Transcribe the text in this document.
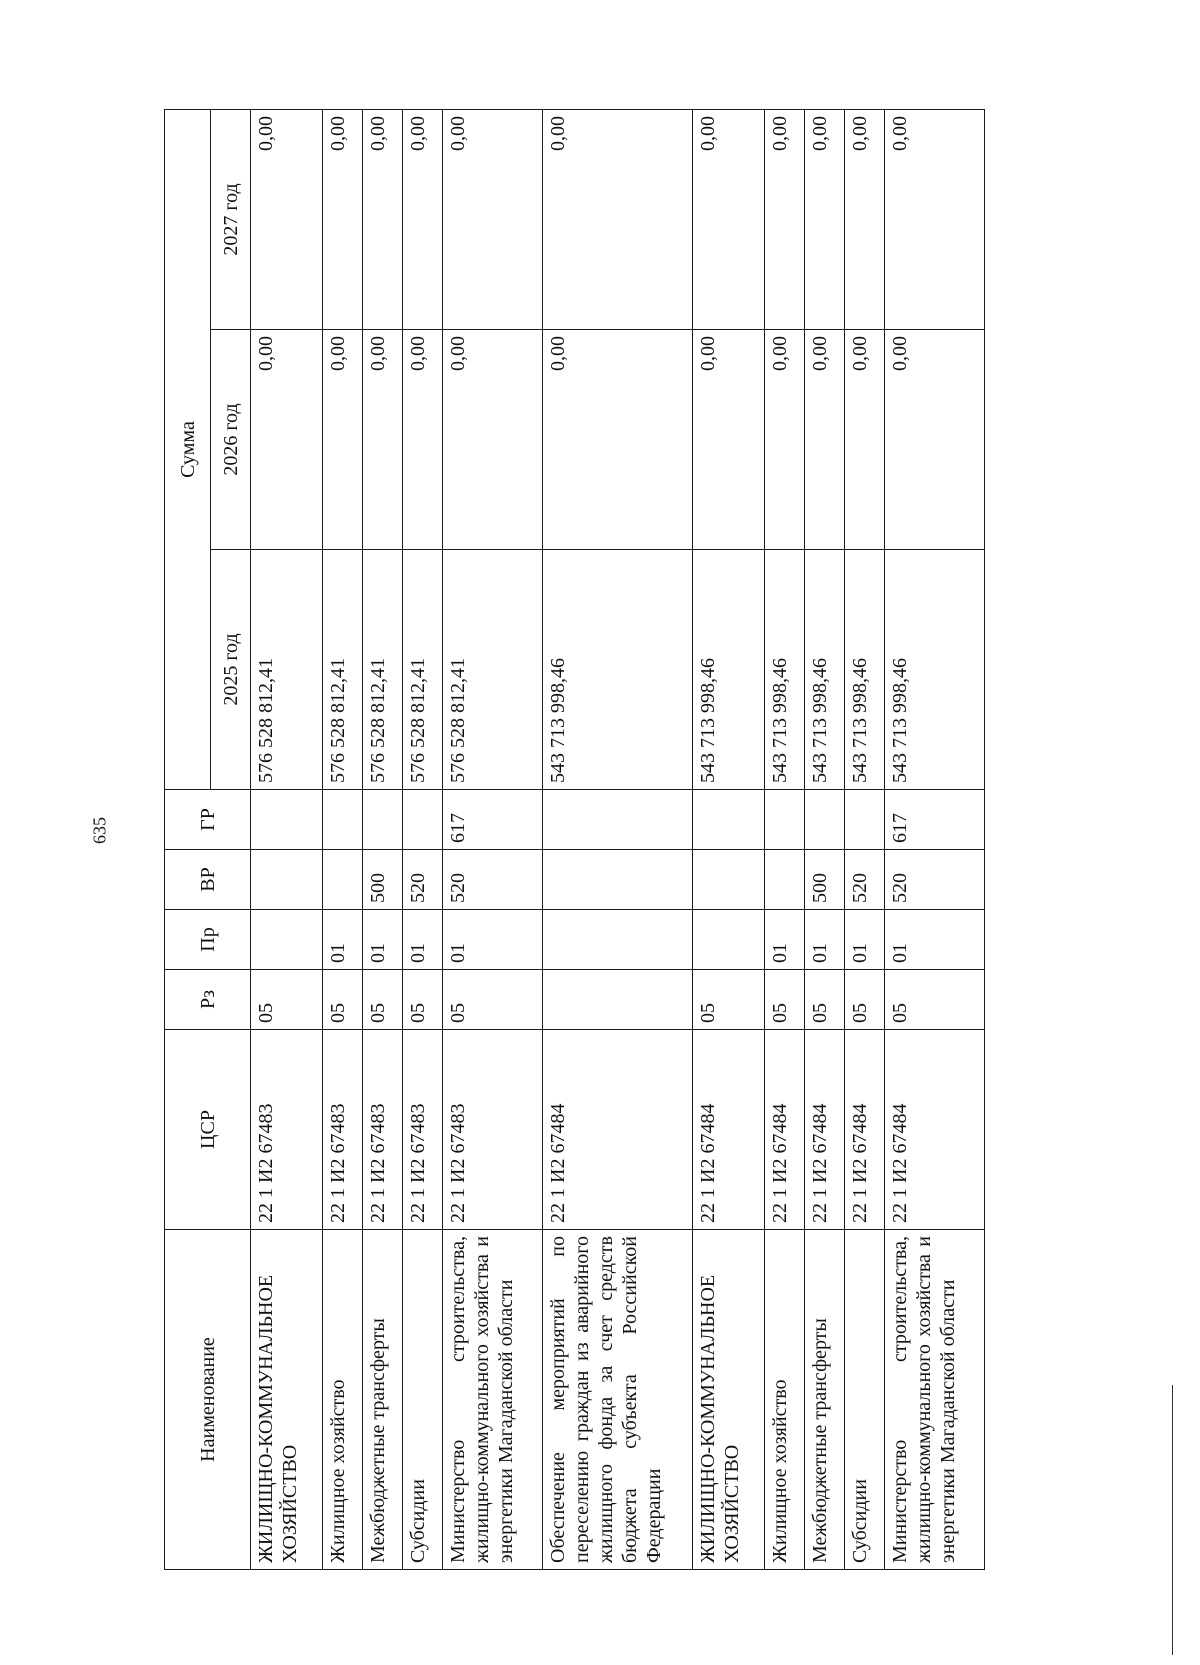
635
Наименование	ЦСР	Рз	Пр	ВР	ГР	Сумма		
						2025 год	2026 год	2027 год
ЖИЛИЩНО-КОММУНАЛЬНОЕ ХОЗЯЙСТВО	22 1 И2 67483	05				576 528 812,41	0,00	0,00
Жилищное хозяйство	22 1 И2 67483	05	01			576 528 812,41	0,00	0,00
Межбюджетные трансферты	22 1 И2 67483	05	01	500		576 528 812,41	0,00	0,00
Субсидии	22 1 И2 67483	05	01	520		576 528 812,41	0,00	0,00
Министерство строительства, жилищно-коммунального хозяйства и энергетики Магаданской области	22 1 И2 67483	05	01	520	617	576 528 812,41	0,00	0,00
Обеспечение мероприятий по переселению граждан из аварийного жилищного фонда за счет средств бюджета субъекта Российской Федерации	22 1 И2 67484					543 713 998,46	0,00	0,00
ЖИЛИЩНО-КОММУНАЛЬНОЕ ХОЗЯЙСТВО	22 1 И2 67484	05				543 713 998,46	0,00	0,00
Жилищное хозяйство	22 1 И2 67484	05	01			543 713 998,46	0,00	0,00
Межбюджетные трансферты	22 1 И2 67484	05	01	500		543 713 998,46	0,00	0,00
Субсидии	22 1 И2 67484	05	01	520		543 713 998,46	0,00	0,00
Министерство строительства, жилищно-коммунального хозяйства и энергетики Магаданской области	22 1 И2 67484	05	01	520	617	543 713 998,46	0,00	0,00
